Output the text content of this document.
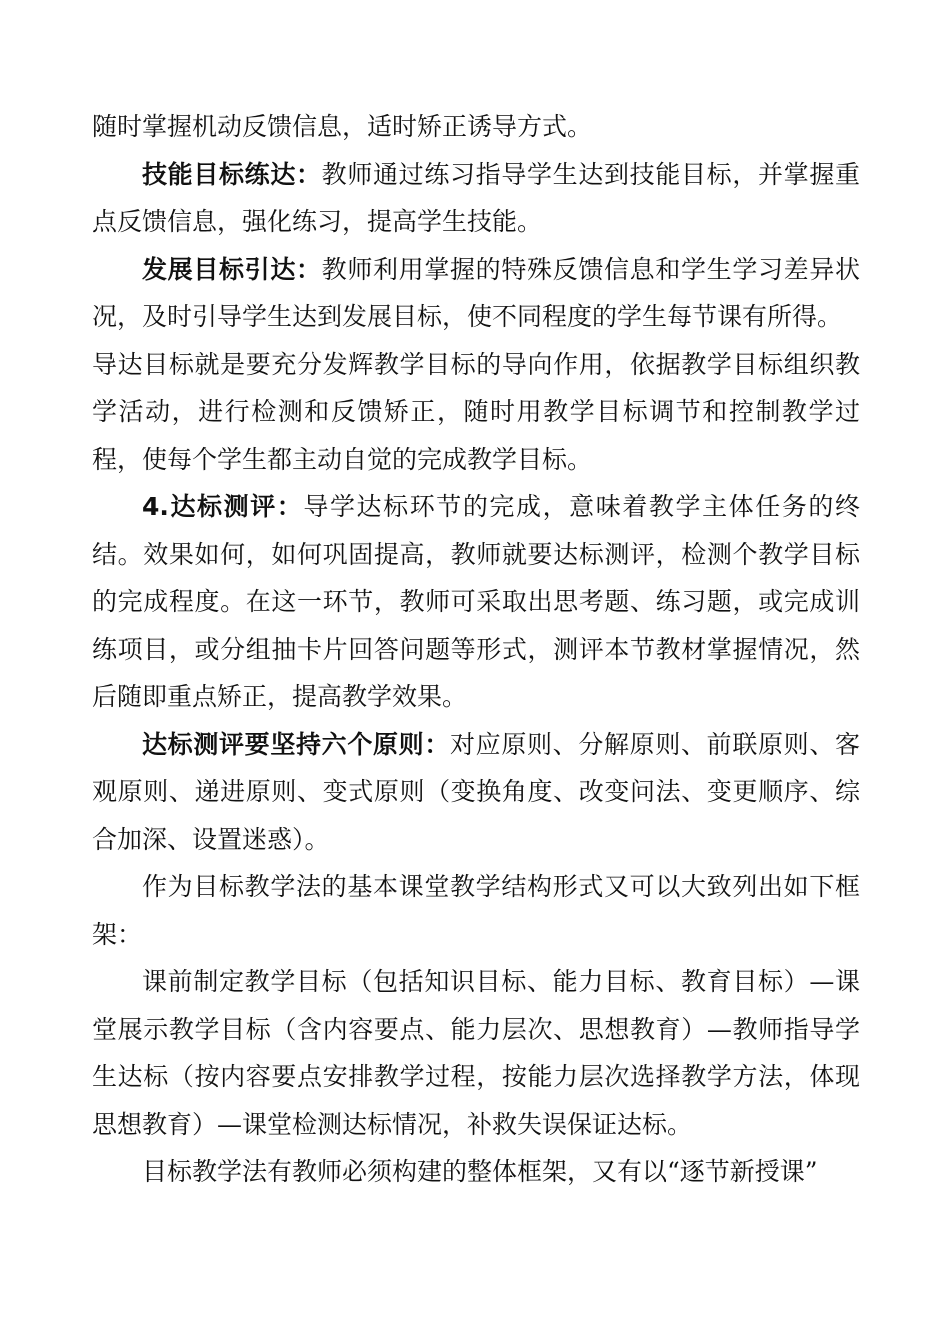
随时掌握机动反馈信息，适时矫正诱导方式。

技能目标练达：教师通过练习指导学生达到技能目标，并掌握重点反馈信息，强化练习，提高学生技能。

发展目标引达：教师利用掌握的特殊反馈信息和学生学习差异状况，及时引导学生达到发展目标，使不同程度的学生每节课有所得。

导达目标就是要充分发辉教学目标的导向作用，依据教学目标组织教学活动，进行检测和反馈矫正，随时用教学目标调节和控制教学过程，使每个学生都主动自觉的完成教学目标。

4.达标测评：导学达标环节的完成，意味着教学主体任务的终结。效果如何，如何巩固提高，教师就要达标测评，检测个教学目标的完成程度。在这一环节，教师可采取出思考题、练习题，或完成训练项目，或分组抽卡片回答问题等形式，测评本节教材掌握情况，然后随即重点矫正，提高教学效果。

达标测评要坚持六个原则：对应原则、分解原则、前联原则、客观原则、递进原则、变式原则（变换角度、改变问法、变更顺序、综合加深、设置迷惑）。

作为目标教学法的基本课堂教学结构形式又可以大致列出如下框架：

课前制定教学目标（包括知识目标、能力目标、教育目标）—课堂展示教学目标（含内容要点、能力层次、思想教育）—教师指导学生达标（按内容要点安排教学过程，按能力层次选择教学方法，体现思想教育）—课堂检测达标情况，补救失误保证达标。

目标教学法有教师必须构建的整体框架，又有以“逐节新授课”
